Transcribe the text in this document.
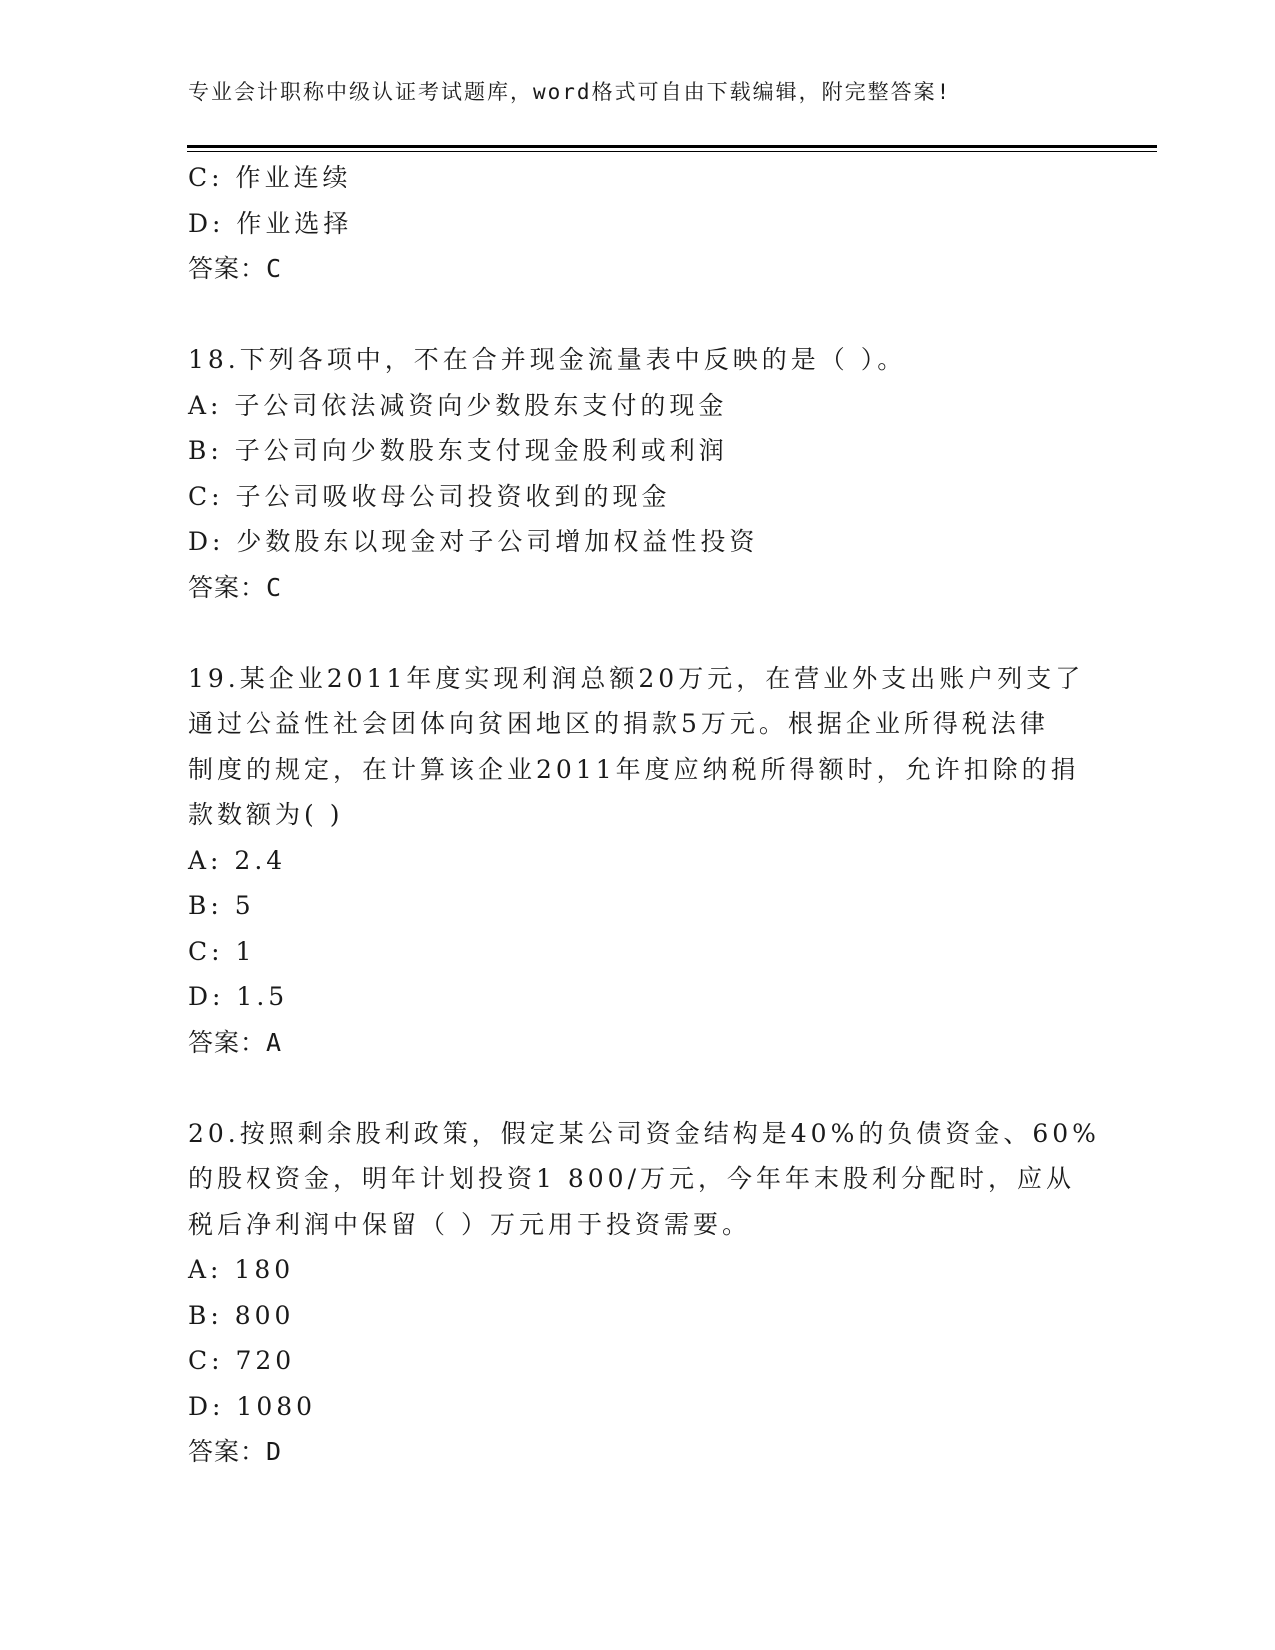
专业会计职称中级认证考试题库，word格式可自由下载编辑，附完整答案!
C: 作业连续
D: 作业选择
答案：C
18.下列各项中，不在合并现金流量表中反映的是（ ）。
A: 子公司依法减资向少数股东支付的现金
B: 子公司向少数股东支付现金股利或利润
C: 子公司吸收母公司投资收到的现金
D: 少数股东以现金对子公司增加权益性投资
答案：C
19.某企业2011年度实现利润总额20万元，在营业外支出账户列支了
通过公益性社会团体向贫困地区的捐款5万元。根据企业所得税法律
制度的规定，在计算该企业2011年度应纳税所得额时，允许扣除的捐
款数额为( )
A: 2.4
B: 5
C: 1
D: 1.5
答案：A
20.按照剩余股利政策，假定某公司资金结构是40%的负债资金、60%
的股权资金，明年计划投资1 800/万元，今年年末股利分配时，应从
税后净利润中保留（ ）万元用于投资需要。
A: 180
B: 800
C: 720
D: 1080
答案：D
